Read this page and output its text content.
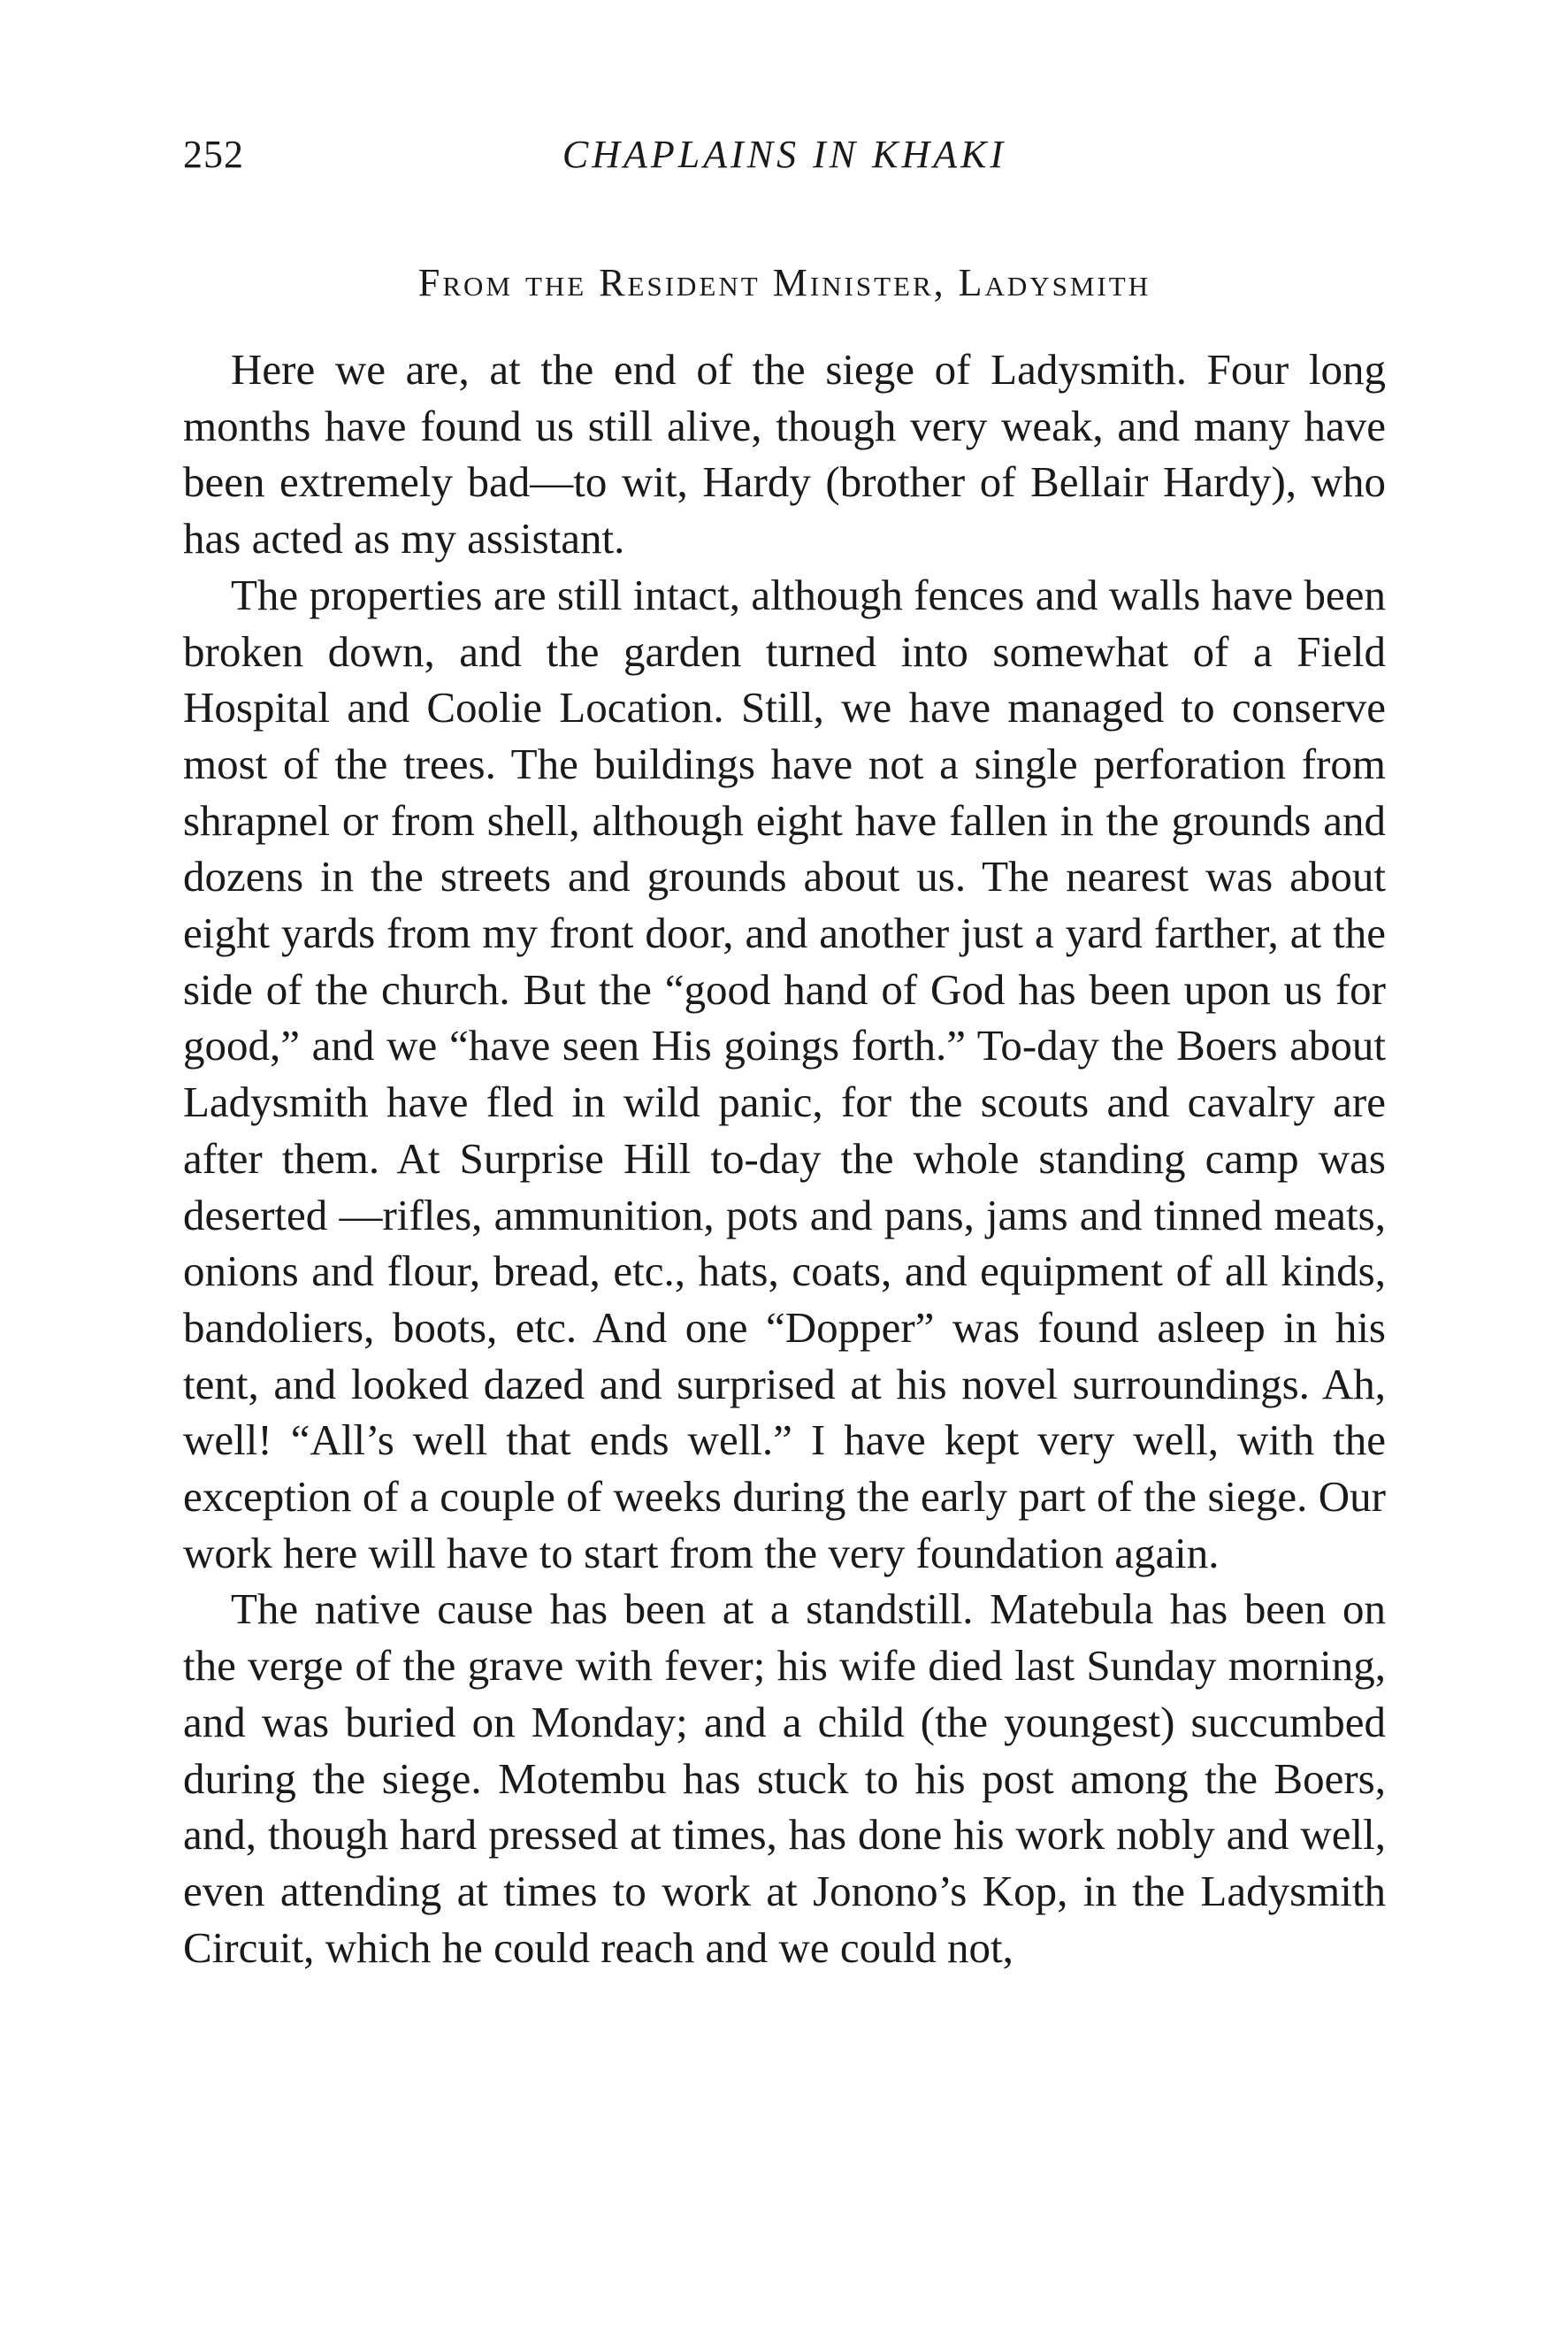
252	CHAPLAINS IN KHAKI
From the Resident Minister, Ladysmith

Here we are, at the end of the siege of Ladysmith. Four long months have found us still alive, though very weak, and many have been extremely bad—to wit, Hardy (brother of Bellair Hardy), who has acted as my assistant.

The properties are still intact, although fences and walls have been broken down, and the garden turned into somewhat of a Field Hospital and Coolie Location. Still, we have managed to conserve most of the trees. The buildings have not a single perforation from shrapnel or from shell, although eight have fallen in the grounds and dozens in the streets and grounds about us. The nearest was about eight yards from my front door, and another just a yard farther, at the side of the church. But the “good hand of God has been upon us for good,” and we “have seen His goings forth.” To-day the Boers about Ladysmith have fled in wild panic, for the scouts and cavalry are after them. At Surprise Hill to-day the whole standing camp was deserted —rifles, ammunition, pots and pans, jams and tinned meats, onions and flour, bread, etc., hats, coats, and equipment of all kinds, bandoliers, boots, etc. And one “Dopper” was found asleep in his tent, and looked dazed and surprised at his novel surroundings. Ah, well! “All’s well that ends well.” I have kept very well, with the exception of a couple of weeks during the early part of the siege. Our work here will have to start from the very foundation again.

The native cause has been at a standstill. Matebula has been on the verge of the grave with fever; his wife died last Sunday morning, and was buried on Monday; and a child (the youngest) succumbed during the siege. Motembu has stuck to his post among the Boers, and, though hard pressed at times, has done his work nobly and well, even attending at times to work at Jonono’s Kop, in the Ladysmith Circuit, which he could reach and we could not,
